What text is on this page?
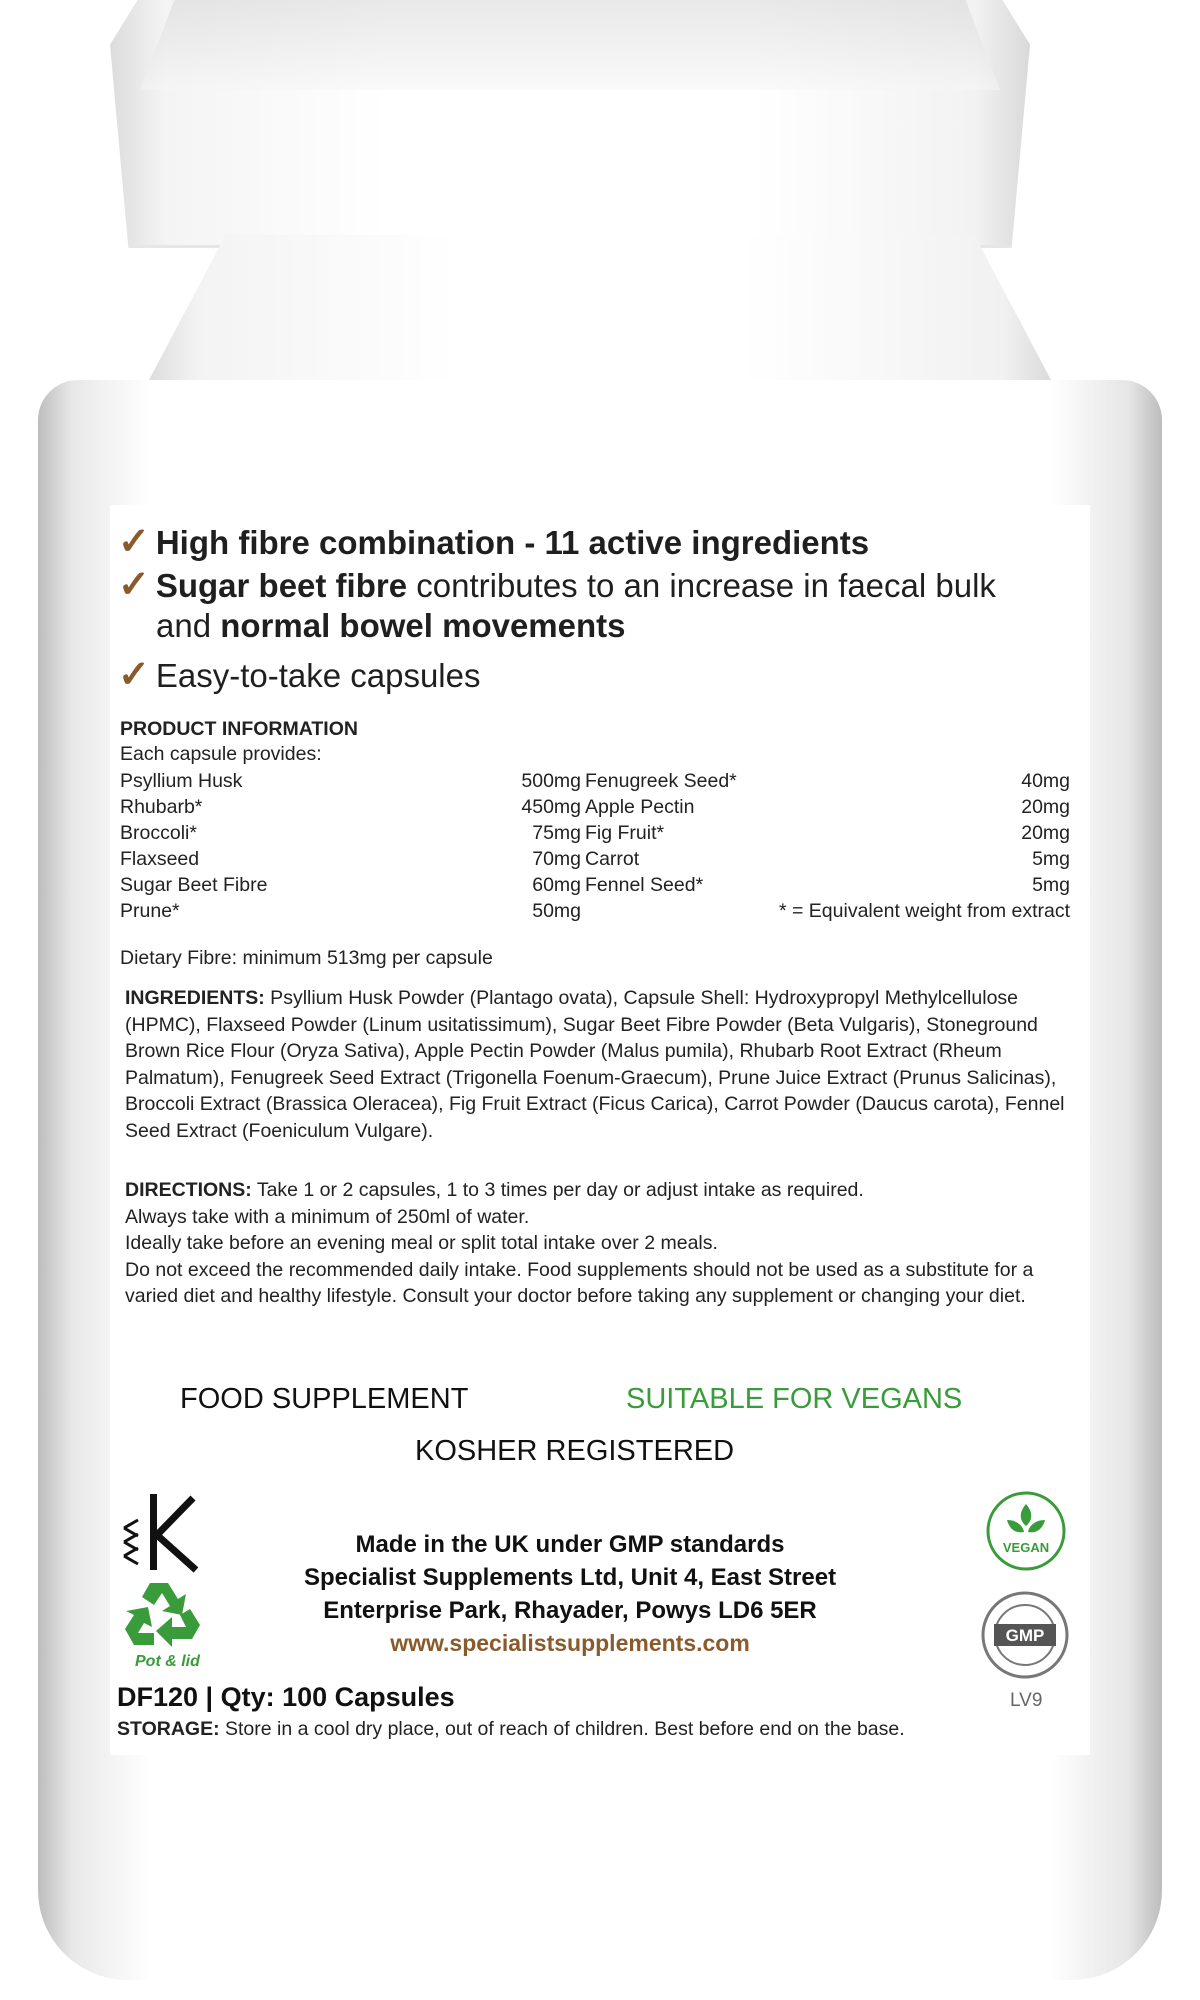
✓ High fibre combination - 11 active ingredients
✓ Sugar beet fibre contributes to an increase in faecal bulk
and normal bowel movements
✓ Easy-to-take capsules
PRODUCT INFORMATION
Each capsule provides:
Psyllium Husk	500mg Fenugreek Seed*	40mg
Rhubarb*	450mg Apple Pectin	20mg
Broccoli*	75mg Fig Fruit*	20mg
Flaxseed	70mg Carrot	5mg
Sugar Beet Fibre	60mg Fennel Seed*	5mg
Prune*	50mg	* = Equivalent weight from extract
Dietary Fibre: minimum 513mg per capsule
INGREDIENTS: Psyllium Husk Powder (Plantago ovata), Capsule Shell: Hydroxypropyl Methylcellulose (HPMC), Flaxseed Powder (Linum usitatissimum), Sugar Beet Fibre Powder (Beta Vulgaris), Stoneground Brown Rice Flour (Oryza Sativa), Apple Pectin Powder (Malus pumila), Rhubarb Root Extract (Rheum Palmatum), Fenugreek Seed Extract (Trigonella Foenum-Graecum), Prune Juice Extract (Prunus Salicinas), Broccoli Extract (Brassica Oleracea), Fig Fruit Extract (Ficus Carica), Carrot Powder (Daucus carota), Fennel Seed Extract (Foeniculum Vulgare).
DIRECTIONS: Take 1 or 2 capsules, 1 to 3 times per day or adjust intake as required.
Always take with a minimum of 250ml of water.
Ideally take before an evening meal or split total intake over 2 meals.
Do not exceed the recommended daily intake. Food supplements should not be used as a substitute for a varied diet and healthy lifestyle. Consult your doctor before taking any supplement or changing your diet.
FOOD SUPPLEMENT	SUITABLE FOR VEGANS
KOSHER REGISTERED
Made in the UK under GMP standards
Specialist Supplements Ltd, Unit 4, East Street
Enterprise Park, Rhayader, Powys LD6 5ER
www.specialistsupplements.com
Pot & lid
VEGAN
GMP
DF120 | Qty: 100 Capsules	LV9
STORAGE: Store in a cool dry place, out of reach of children. Best before end on the base.
